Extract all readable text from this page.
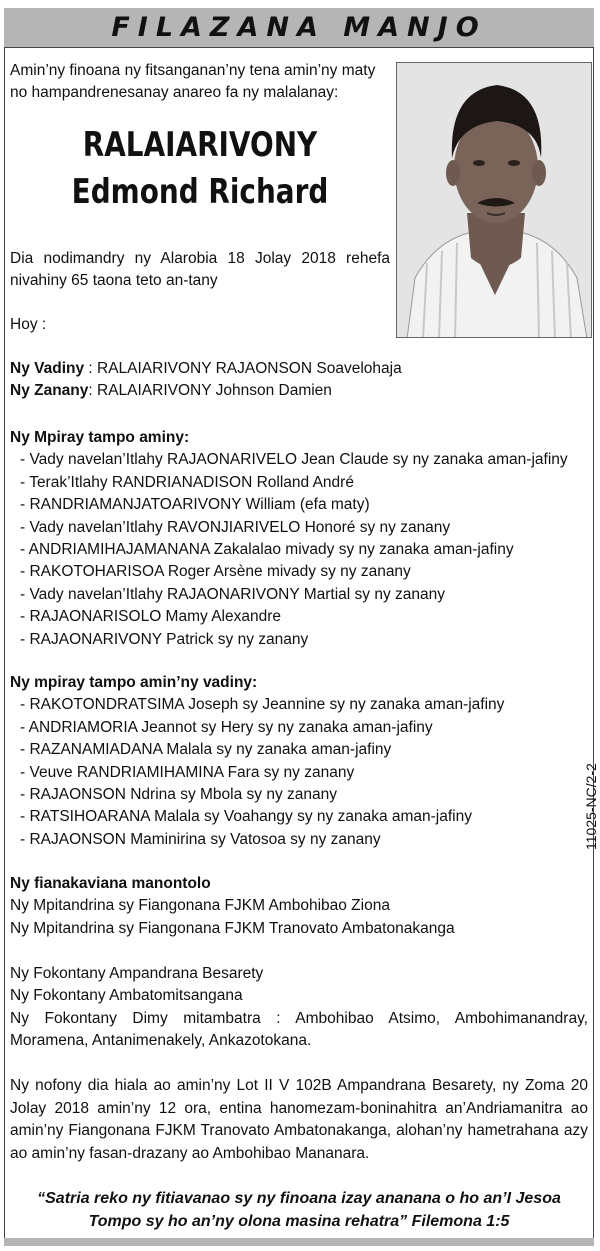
FILAZANA MANJO
Amin’ny finoana ny fitsanganan’ny tena amin’ny maty no hampandrenesanay anareo fa ny malalanay:
RALAIARIVONY
Edmond Richard
Dia nodimandry ny Alarobia 18 Jolay 2018 rehefa nivahiny 65 taona teto an-tany
Hoy :
11025-NC/2-2
Ny Vadiny : RALAIARIVONY RAJAONSON Soavelohaja
Ny Zanany: RALAIARIVONY Johnson Damien
Ny Mpiray tampo aminy:
- Vady navelan’Itlahy RAJAONARIVELO Jean Claude sy ny zanaka aman-jafiny
- Terak’Itlahy RANDRIANADISON Rolland André
- RANDRIAMANJATOARIVONY William (efa maty)
- Vady navelan’Itlahy RAVONJIARIVELO Honoré sy ny zanany
- ANDRIAMIHAJAMANANA Zakalalao mivady sy ny zanaka aman-jafiny
- RAKOTOHARISOA Roger Arsène mivady sy ny zanany
- Vady navelan’Itlahy RAJAONARIVONY Martial sy ny zanany
- RAJAONARISOLO Mamy Alexandre
- RAJAONARIVONY Patrick sy ny zanany
Ny mpiray tampo amin’ny vadiny:
- RAKOTONDRATSIMA Joseph sy Jeannine sy ny zanaka aman-jafiny
- ANDRIAMORIA Jeannot sy Hery sy ny zanaka aman-jafiny
- RAZANAMIADANA Malala sy ny zanaka aman-jafiny
- Veuve RANDRIAMIHAMINA Fara sy ny zanany
- RAJAONSON Ndrina sy Mbola sy ny zanany
- RATSIHOARANA Malala sy Voahangy sy ny zanaka aman-jafiny
- RAJAONSON Maminirina sy Vatosoa sy ny zanany
Ny fianakaviana manontolo
Ny Mpitandrina sy Fiangonana FJKM Ambohibao Ziona
Ny Mpitandrina sy Fiangonana FJKM Tranovato Ambatonakanga
Ny Fokontany Ampandrana Besarety
Ny Fokontany Ambatomitsangana
Ny Fokontany Dimy mitambatra : Ambohibao Atsimo, Ambohimanandray, Moramena, Antanimenakely, Ankazotokana.
Ny nofony dia hiala ao amin’ny Lot II V 102B Ampandrana Besarety, ny Zoma 20 Jolay 2018 amin’ny 12 ora, entina hanomezam-boninahitra an’Andriamanitra ao amin’ny Fiangonana FJKM Tranovato Ambatonakanga, alohan’ny hametrahana azy ao amin’ny fasan-drazany ao Ambohibao Mananara.
“Satria reko ny fitiavanao sy ny finoana izay ananana o ho an’I Jesoa Tompo sy ho an’ny olona masina rehatra” Filemona 1:5
